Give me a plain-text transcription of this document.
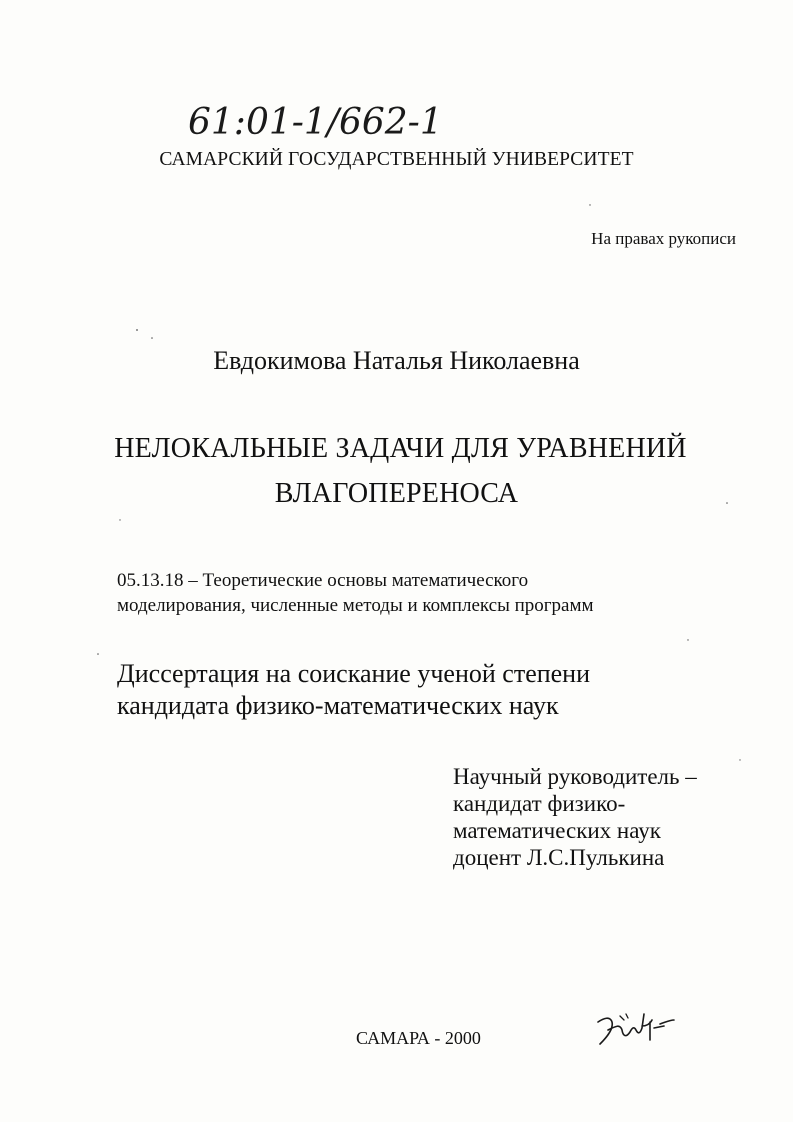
61:01-1/662-1
САМАРСКИЙ ГОСУДАРСТВЕННЫЙ УНИВЕРСИТЕТ
На правах рукописи
Евдокимова Наталья Николаевна
НЕЛОКАЛЬНЫЕ ЗАДАЧИ ДЛЯ УРАВНЕНИЙ
ВЛАГОПЕРЕНОСА
05.13.18 – Теоретические основы математического
моделирования, численные методы и комплексы программ
Диссертация на соискание ученой степени
кандидата физико-математических наук
Научный руководитель –
кандидат физико-
математических наук
доцент Л.С.Пулькина
САМАРА - 2000
